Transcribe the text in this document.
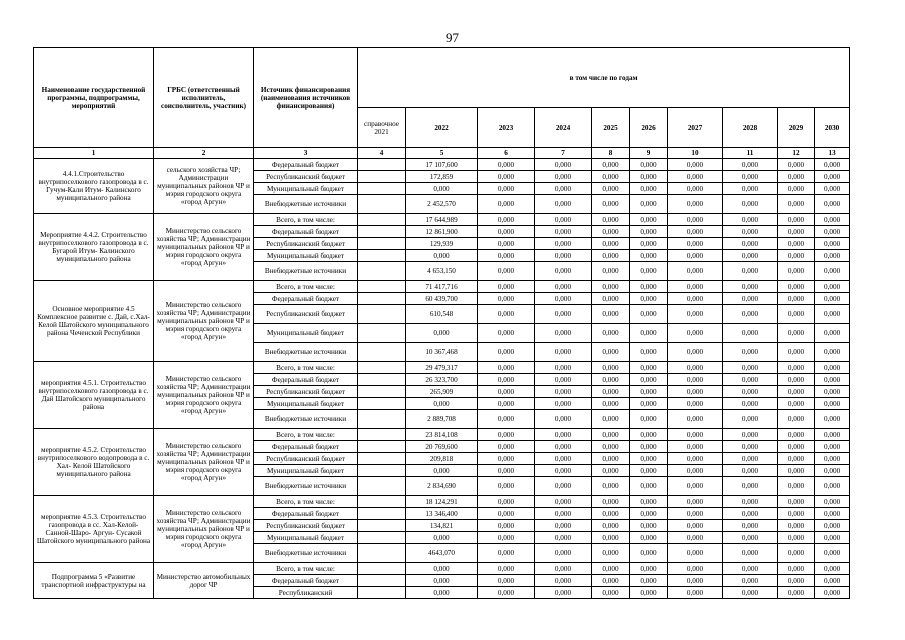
97
Наименование государственной программы, подпрограммы, мероприятий	ГРБС (ответственный исполнитель, соисполнитель, участник)	Источник финансирования (наименования источников финансирования)	в том числе по годам									
			справочное 2021	2022	2023	2024	2025	2026	2027	2028	2029	2030
1	2	3	4	5	6	7	8	9	10	11	12	13
4.4.1.Строительство внутрипоселкового газопровода в с. Гучум-Кали Итум- Калинского муниципального района	сельского хозяйства ЧР; Администрации муниципальных районов ЧР и мэрия городского округа «город Аргун»	Федеральный бюджет		17 107,600	0,000	0,000	0,000	0,000	0,000	0,000	0,000	0,000
		Республиканский бюджет		172,859	0,000	0,000	0,000	0,000	0,000	0,000	0,000	0,000
		Муниципальный бюджет		0,000	0,000	0,000	0,000	0,000	0,000	0,000	0,000	0,000
		Внебюджетные источники		2 452,570	0,000	0,000	0,000	0,000	0,000	0,000	0,000	0,000
Мероприятие 4.4.2. Строительство внутрипоселкового газопровода в с. Бугарой Итум- Калинского муниципального района	Министерство сельского хозяйства ЧР; Администрации муниципальных районов ЧР и мэрия городского округа «город Аргун»	Всего, в том числе:		17 644,989	0,000	0,000	0,000	0,000	0,000	0,000	0,000	0,000
		Федеральный бюджет		12 861,900	0,000	0,000	0,000	0,000	0,000	0,000	0,000	0,000
		Республиканский бюджет		129,939	0,000	0,000	0,000	0,000	0,000	0,000	0,000	0,000
		Муниципальный бюджет		0,000	0,000	0,000	0,000	0,000	0,000	0,000	0,000	0,000
		Внебюджетные источники		4 653,150	0,000	0,000	0,000	0,000	0,000	0,000	0,000	0,000
Основное мероприятие 4.5 Комплексное развитие с. Дай, с.Хал-Келой Шатойского муниципального района Чеченской Республики	Министерство сельского хозяйства ЧР; Администрации муниципальных районов ЧР и мэрия городского округа «город Аргун»	Всего, в том числе:		71 417,716	0,000	0,000	0,000	0,000	0,000	0,000	0,000	0,000
		Федеральный бюджет		60 439,700	0,000	0,000	0,000	0,000	0,000	0,000	0,000	0,000
		Республиканский бюджет		610,548	0,000	0,000	0,000	0,000	0,000	0,000	0,000	0,000
		Муниципальный бюджет		0,000	0,000	0,000	0,000	0,000	0,000	0,000	0,000	0,000
		Внебюджетные источники		10 367,468	0,000	0,000	0,000	0,000	0,000	0,000	0,000	0,000
мероприятия 4.5.1. Строительство внутрипоселкового газопровода в с. Дай Шатойского муниципального района	Министерство сельского хозяйства ЧР; Администрации муниципальных районов ЧР и мэрия городского округа «город Аргун»	Всего, в том числе:		29 479,317	0,000	0,000	0,000	0,000	0,000	0,000	0,000	0,000
		Федеральный бюджет		26 323,700	0,000	0,000	0,000	0,000	0,000	0,000	0,000	0,000
		Республиканский бюджет		265,909	0,000	0,000	0,000	0,000	0,000	0,000	0,000	0,000
		Муниципальный бюджет		0,000	0,000	0,000	0,000	0,000	0,000	0,000	0,000	0,000
		Внебюджетные источники		2 889,708	0,000	0,000	0,000	0,000	0,000	0,000	0,000	0,000
мероприятие 4.5.2. Строительство внутрипоселкового водопровода в с. Хал- Келой Шатойского муниципального района	Министерство сельского хозяйства ЧР; Администрации муниципальных районов ЧР и мэрия городского округа «город Аргун»	Всего, в том числе:		23 814,108	0,000	0,000	0,000	0,000	0,000	0,000	0,000	0,000
		Федеральный бюджет		20 769,600	0,000	0,000	0,000	0,000	0,000	0,000	0,000	0,000
		Республиканский бюджет		209,818	0,000	0,000	0,000	0,000	0,000	0,000	0,000	0,000
		Муниципальный бюджет		0,000	0,000	0,000	0,000	0,000	0,000	0,000	0,000	0,000
		Внебюджетные источники		2 834,690	0,000	0,000	0,000	0,000	0,000	0,000	0,000	0,000
мероприятие 4.5.3. Строительство газопровода в сс. Хал-Келой-Санной-Шаро- Аргун- Сусакой Шатойского муниципального района	Министерство сельского хозяйства ЧР; Администрации муниципальных районов ЧР и мэрия городского округа «город Аргун»	Всего, в том числе:		18 124,291	0,000	0,000	0,000	0,000	0,000	0,000	0,000	0,000
		Федеральный бюджет		13 346,400	0,000	0,000	0,000	0,000	0,000	0,000	0,000	0,000
		Республиканский бюджет		134,821	0,000	0,000	0,000	0,000	0,000	0,000	0,000	0,000
		Муниципальный бюджет		0,000	0,000	0,000	0,000	0,000	0,000	0,000	0,000	0,000
		Внебюджетные источники		4643,070	0,000	0,000	0,000	0,000	0,000	0,000	0,000	0,000
Подпрограмма 5 «Развитие транспортной инфраструктуры на	Министерство автомобильных дорог ЧР	Всего, в том числе:		0,000	0,000	0,000	0,000	0,000	0,000	0,000	0,000	0,000
		Федеральный бюджет		0,000	0,000	0,000	0,000	0,000	0,000	0,000	0,000	0,000
		Республиканский		0,000	0,000	0,000	0,000	0,000	0,000	0,000	0,000	0,000
